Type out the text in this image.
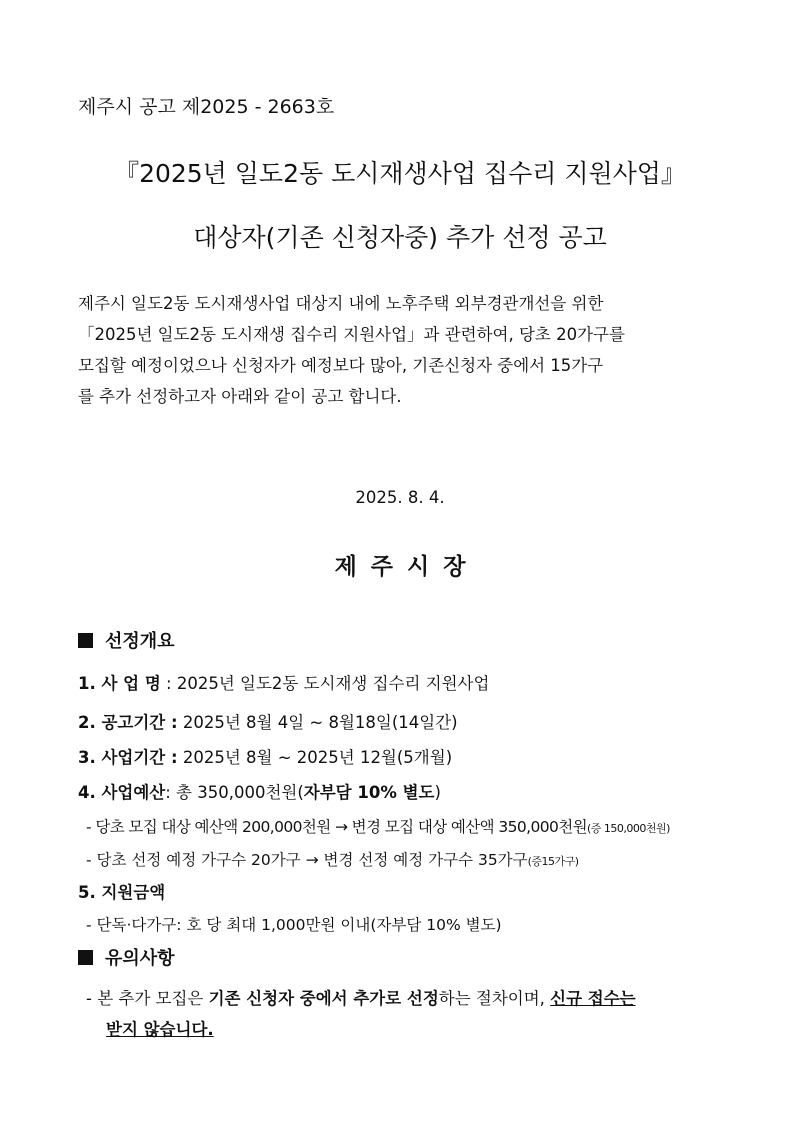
제주시 공고 제2025 - 2663호
『2025년 일도2동 도시재생사업 집수리 지원사업』
대상자(기존 신청자중) 추가 선정 공고
제주시 일도2동 도시재생사업 대상지 내에 노후주택 외부경관개선을 위한
「2025년 일도2동 도시재생 집수리 지원사업」과 관련하여, 당초 20가구를
모집할 예정이었으나 신청자가 예정보다 많아, 기존신청자 중에서 15가구
를 추가 선정하고자 아래와 같이 공고 합니다.
2025. 8. 4.
제주시장
선정개요
1. 사 업 명 : 2025년 일도2동 도시재생 집수리 지원사업
2. 공고기간 : 2025년 8월 4일 ~ 8월18일(14일간)
3. 사업기간 : 2025년 8월 ~ 2025년 12월(5개월)
4. 사업예산: 총 350,000천원(자부담 10% 별도)
- 당초 모집 대상 예산액 200,000천원 → 변경 모집 대상 예산액 350,000천원(증 150,000천원)
- 당초 선정 예정 가구수 20가구 → 변경 선정 예정 가구수 35가구(증15가구)
5. 지원금액
- 단독·다가구: 호 당 최대 1,000만원 이내(자부담 10% 별도)
유의사항
- 본 추가 모집은 기존 신청자 중에서 추가로 선정하는 절차이며, 신규 접수는
받지 않습니다.
